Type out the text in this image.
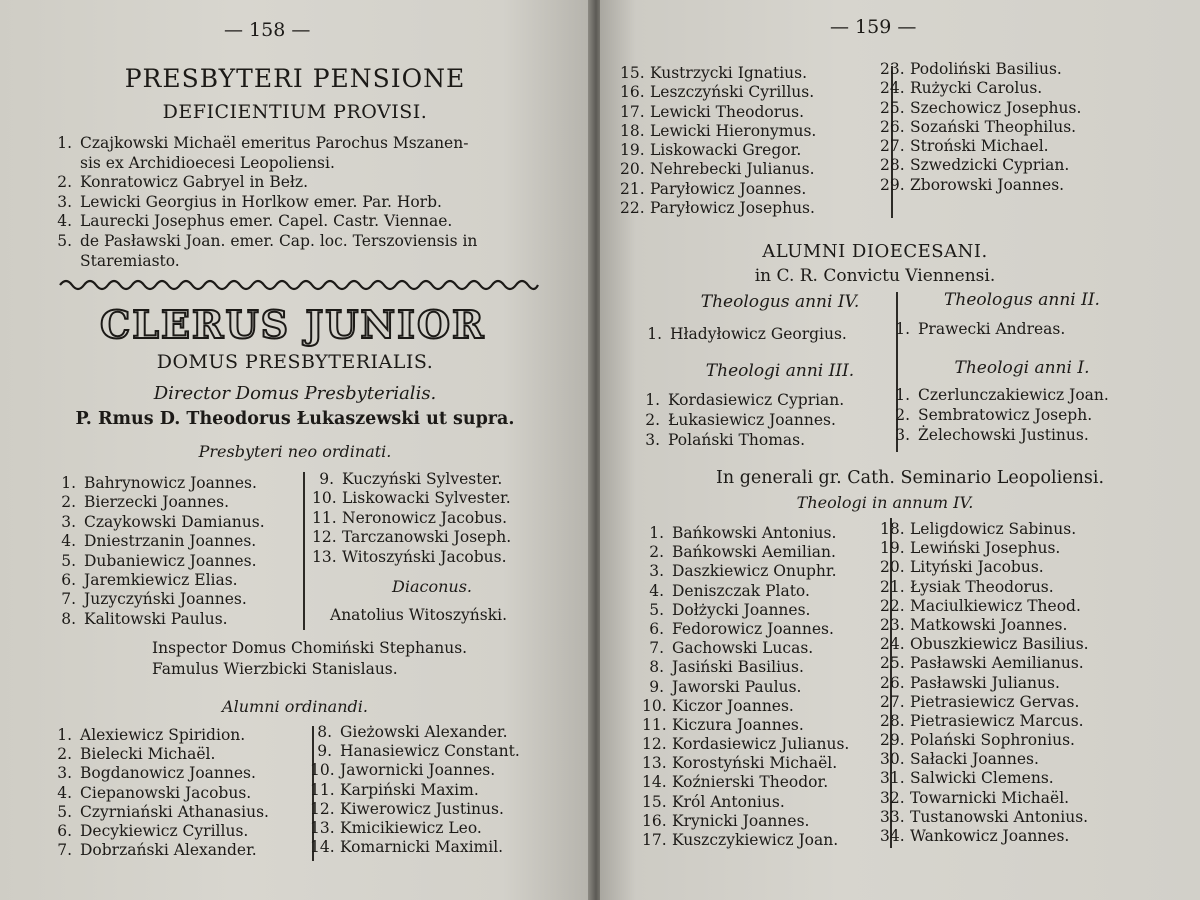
— 158 —
PRESBYTERI PENSIONE
DEFICIENTIUM PROVISI.
1. Czajkowski Michaël emeritus Parochus Mszanen-
sis ex Archidioecesi Leopoliensi.
2. Konratowicz Gabryel in Bełz.
3. Lewicki Georgius in Horlkow emer. Par. Horb.
4. Laurecki Josephus emer. Capel. Castr. Viennae.
5. de Pasławski Joan. emer. Cap. loc. Terszoviensis in
Staremiasto.
CLERUS JUNIOR
DOMUS PRESBYTERIALIS.
Director Domus Presbyterialis.
P. Rmus D. Theodorus Łukaszewski ut supra.
Presbyteri neo ordinati.
1. Bahrynowicz Joannes.
2. Bierzecki Joannes.
3. Czaykowski Damianus.
4. Dniestrzanin Joannes.
5. Dubaniewicz Joannes.
6. Jaremkiewicz Elias.
7. Juzyczyński Joannes.
8. Kalitowski Paulus.
9. Kuczyński Sylvester.
10. Liskowacki Sylvester.
11. Neronowicz Jacobus.
12. Tarczanowski Joseph.
13. Witoszyński Jacobus.
Diaconus.
Anatolius Witoszyński.
Inspector Domus Chomiński Stephanus.
Famulus Wierzbicki Stanislaus.
Alumni ordinandi.
1. Alexiewicz Spiridion.
2. Bielecki Michaël.
3. Bogdanowicz Joannes.
4. Ciepanowski Jacobus.
5. Czyrniański Athanasius.
6. Decykiewicz Cyrillus.
7. Dobrzański Alexander.
8. Gieżowski Alexander.
9. Hanasiewicz Constant.
10. Jawornicki Joannes.
11. Karpiński Maxim.
12. Kiwerowicz Justinus.
13. Kmicikiewicz Leo.
14. Komarnicki Maximil.
— 159 —
15. Kustrzycki Ignatius.
16. Leszczyński Cyrillus.
17. Lewicki Theodorus.
18. Lewicki Hieronymus.
19. Liskowacki Gregor.
20. Nehrebecki Julianus.
21. Paryłowicz Joannes.
22. Paryłowicz Josephus.
23. Podoliński Basilius.
24. Rużycki Carolus.
25. Szechowicz Josephus.
26. Sozański Theophilus.
27. Stroński Michael.
28. Szwedzicki Cyprian.
29. Zborowski Joannes.
ALUMNI DIOECESANI.
in C. R. Convictu Viennensi.
Theologus anni IV.	Theologus anni II.
1. Hładyłowicz Georgius.	1. Prawecki Andreas.
Theologi anni III.	Theologi anni I.
1. Kordasiewicz Cyprian.
2. Łukasiewicz Joannes.
3. Polański Thomas.
1. Czerlunczakiewicz Joan.
2. Sembratowicz Joseph.
3. Żelechowski Justinus.
In generali gr. Cath. Seminario Leopoliensi.
Theologi in annum IV.
1. Bańkowski Antonius.
2. Bańkowski Aemilian.
3. Daszkiewicz Onuphr.
4. Deniszczak Plato.
5. Dołżycki Joannes.
6. Fedorowicz Joannes.
7. Gachowski Lucas.
8. Jasiński Basilius.
9. Jaworski Paulus.
10. Kiczor Joannes.
11. Kiczura Joannes.
12. Kordasiewicz Julianus.
13. Korostyński Michaël.
14. Koźnierski Theodor.
15. Król Antonius.
16. Krynicki Joannes.
17. Kuszczykiewicz Joan.
18. Leligdowicz Sabinus.
19. Lewiński Josephus.
20. Lityński Jacobus.
21. Łysiak Theodorus.
22. Maciulkiewicz Theod.
23. Matkowski Joannes.
24. Obuszkiewicz Basilius.
25. Pasławski Aemilianus.
26. Pasławski Julianus.
27. Pietrasiewicz Gervas.
28. Pietrasiewicz Marcus.
29. Polański Sophronius.
30. Sałacki Joannes.
31. Salwicki Clemens.
32. Towarnicki Michaël.
33. Tustanowski Antonius.
34. Wankowicz Joannes.
